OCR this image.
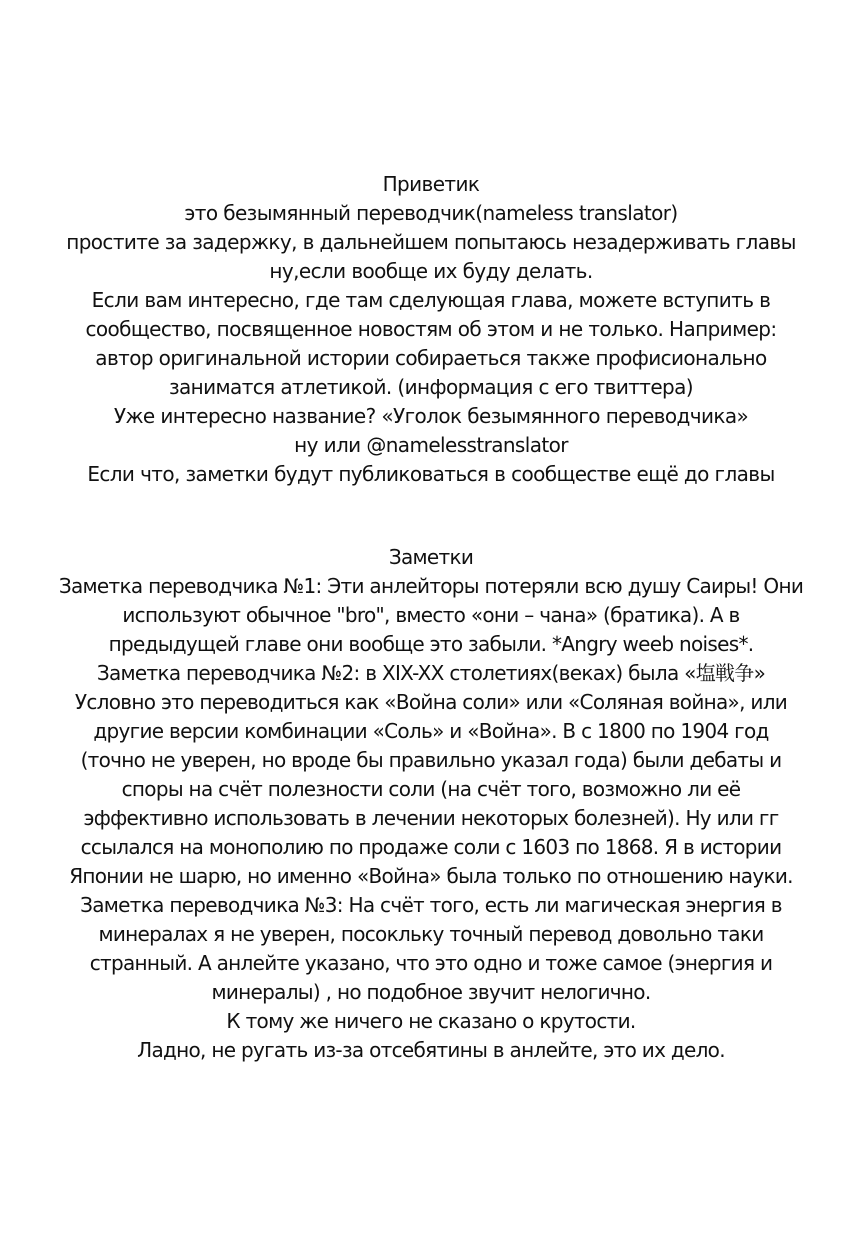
Приветик
это безымянный переводчик(nameless translator)
простите за задержку, в дальнейшем попытаюсь незадерживать главы
ну,если вообще их буду делать.
Если вам интересно, где там сделующая глава, можете вступить в
сообщество, посвященное новостям об этом и не только. Например:
автор оригинальной истории собираеться также профисионально
заниматся атлетикой. (информация с его твиттера)
Уже интересно название? «Уголок безымянного переводчика»
ну или @namelesstranslator
Если что, заметки будут публиковаться в сообществе ещё до главы
Заметки
Заметка переводчика №1: Эти анлейторы потеряли всю душу Саиры! Они
используют обычное "bro", вместо «они – чана» (братика). А в
предыдущей главе они вообще это забыли. *Angry weeb noises*.
Заметка переводчика №2: в XIX-XX столетиях(веках) была «塩戦争»
Условно это переводиться как «Война соли» или «Соляная война», или
другие версии комбинации «Соль» и «Война». В с 1800 по 1904 год
(точно не уверен, но вроде бы правильно указал года) были дебаты и
споры на счёт полезности соли (на счёт того, возможно ли её
эффективно использовать в лечении некоторых болезней). Ну или гг
ссылался на монополию по продаже соли с 1603 по 1868. Я в истории
Японии не шарю, но именно «Война» была только по отношению науки.
Заметка переводчика №3: На счёт того, есть ли магическая энергия в
минералах я не уверен, посокльку точный перевод довольно таки
странный. А анлейте указано, что это одно и тоже самое (энергия и
минералы) , но подобное звучит нелогично.
К тому же ничего не сказано о крутости.
Ладно, не ругать из-за отсебятины в анлейте, это их дело.
